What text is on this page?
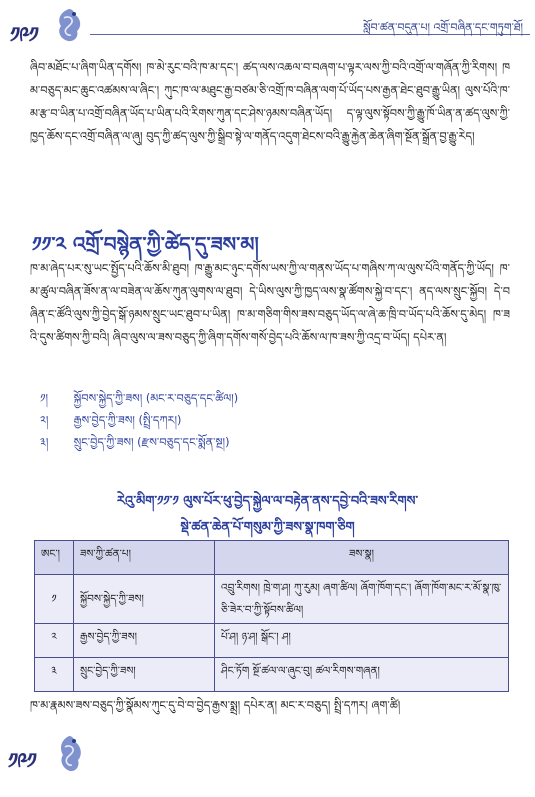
༡༩༡	སློབ་ཚན་བདུན་པ། འགྲོ་བཞིན་དང་གཏུག་ཐོ།
ཞིབ་མཐོང་པ་ཞིག་ཡིན་དགོས། ཁ་མེ་རུང་བའི་ཁ་མ་དང་། ཚད་ལས་འཆལ་བ་བཞག་པ་ལྟར་ལས་ཀྱི་བའི་འགྲོ་ལ་གཞོན་ཀྱི་རིགས། ཁམ་བཅུད་མང་ཆུང་འཚམས་ལ་ཞིང་། ཀུང་ཁ་ལ་མཐུང་རྒྱ་བཙམ་ཅི་འགྲོ་ཁ་བཞིན་ལག་པོ་ཡོད་པས་རྒྱན་ཐེང་ཐུབ་རྒྱུ་ཡིན། ལུས་པོའི་ཁ་མ་རྩ་བ་ཡིན་པ་འགྲོ་བཞིན་ཡོད་པ་ཡིན་པའི་རིགས་ཀུན་དང་ཤེས་ཉམས་བཞིན་ཡོད། ད་ལྟ་ལུས་སྟོབས་ཀྱི་རྒྱུ་ཁོ་ཡིན་ན་ཚད་ལུས་ཀྱི་ཁྱད་ཆོས་དང་འགྲོ་བཞིན་ལ་ཞུ། བུད་ཀྱི་ཚད་ལུས་ཀྱི་སྒྲིབ་སྟེ་ལ་གནོད་འདུག་ཐེངས་བའི་རྒྱུ་རྐྱེན་ཆེན་ཞིག་སྔོན་སྒྲོན་བྱ་རྒྱུ་རེད།
༡༡་༢ འགྲོ་བསྙེན་ཀྱི་ཚེད་དུ་ཟས་མ།
ཁ་མ་ཞེད་པར་སུ་ཡང་སྤྱོད་པའི་ཆོས་མི་ཐུབ། ཁ་རྒྱུ་མང་ཉུང་དགོས་ཡས་ཀྱི་ལ་གནས་ཡོད་པ་གཞིས་ཀ་ལ་ལུས་པོའི་གནོད་ཀྱི་ཡོད། ཁ་མ་ཚུལ་བཞིན་ཟོས་ན་ལ་བཟེན་ལ་ཆོས་ཀུན་ལུགས་ལ་ཐུབ། དེ་ཡིས་ལུས་ཀྱི་ཁྱད་ལས་སྣ་ཚོགས་སྐྱེ་བ་དང་། ནད་ལས་སྲུང་སྐྱོབ། དེ་བཞིན་ང་ཚོའི་ལུས་ཀྱི་བྱེད་སྒོ་ཉམས་སྲུང་ཡང་ཐུབ་པ་ཡིན། ཁ་མ་གཅིག་གིས་ཟས་བཅུད་ཡོད་ལ་ཞེ་ཆ་ཁྲི་བ་ཡོད་པའི་ཆོས་དུ་མེད། ཁ་ཟའི་དུས་ཚིགས་ཀྱི་བའི། ཞིབ་ལུས་ལ་ཟས་བཅུད་ཀྱི་ཞིག་དགོས་གསོ་བྱེད་པའི་ཆོས་ལ་ཁ་ཟས་ཀྱི་འདྲ་བ་ཡོད། དཔེར་ན།
༡། སྐྱོབས་སྐྱེད་ཀྱི་ཟས། (མང་ར་བཅུད་དང་ཚིལ།)
༢། རྒྱས་བྱེད་ཀྱི་ཟས། (སྤྲི་དཀར།)
༣། སྲུང་བྱེད་ཀྱི་ཟས། (རྫས་བཅུད་དང་སྨོན་སྔ།)
རེའུ་མིག་༡༡་༡ ལུས་པོར་ཕུ་བྱེད་སྐྱེལ་ལ་བརྟེན་ནས་དབྱེ་བའི་ཟས་རིགས་
སྡེ་ཚན་ཆེན་པོ་གསུམ་ཀྱི་ཟས་སྣ་ཁག་ཅིག
ཨང་།	ཟས་ཀྱི་ཚན་པ།	ཟས་སྣ།
༡	སྐྱོབས་སྐྱེད་ཀྱི་ཟས།	འབྲུ་རིགས། ཁྲེ་ག་ཤ། ཀུ་རུམ། ཞག་ཚིལ། ཞོག་ཁོག་དང་། ཞོག་ཁོག་མང་ར་མོ་སྣ་ཁུ་ཅི་ཟེར་བ་ཀྱི་སྟོབས་ཚིལ།
༢	རྒྱས་བྱེད་ཀྱི་ཟས།	པོ་ཤ། ཉ་ཤ། སྒོང་། ཤ།
༣	སྲུང་བྱེད་ཀྱི་ཟས།	ཤིང་ཏོག སྔོ་ཚལ་ལ་ཞུང་བུ། ཚལ་རིགས་གཞན།
ཁ་མ་རྣམས་ཟས་བཅུད་ཀྱི་སྣོམས་ཀུང་དུ་བེ་བ་བྱེད་རྒྱས་སྨྲ། དཔེར་ན། མང་ར་བཅུད། སྤྲི་དཀར། ཞག་ཚི།
༡༩༡
